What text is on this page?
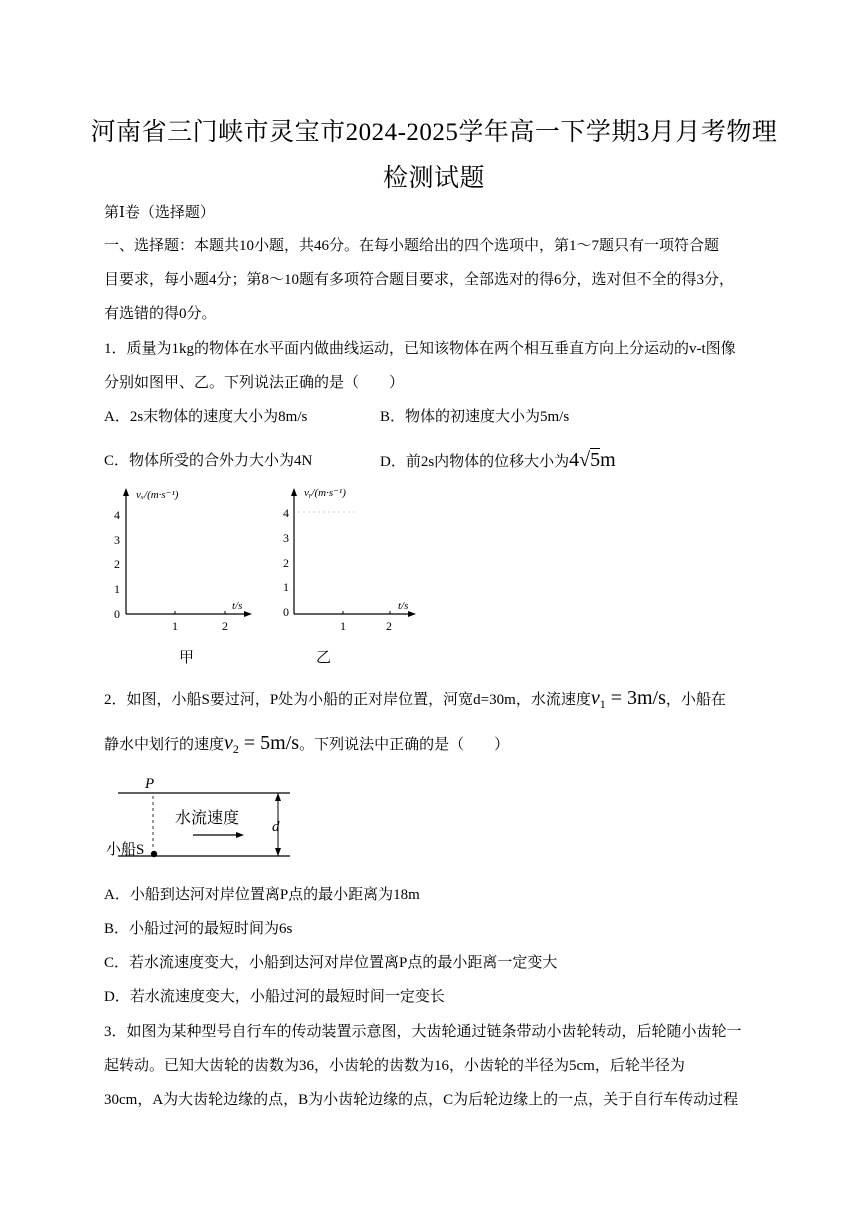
河南省三门峡市灵宝市2024-2025学年高一下学期3月月考物理
检测试题
第Ⅰ卷（选择题）
一、选择题：本题共10小题，共46分。在每小题给出的四个选项中，第1～7题只有一项符合题
目要求，每小题4分；第8～10题有多项符合题目要求，全部选对的得6分，选对但不全的得3分，
有选错的得0分。
1．质量为1kg的物体在水平面内做曲线运动，已知该物体在两个相互垂直方向上分运动的v-t图像
分别如图甲、乙。下列说法正确的是（　　）
A．2s末物体的速度大小为8m/s	B．物体的初速度大小为5m/s
C．物体所受的合外力大小为4N	D．前2s内物体的位移大小为4√5m
vₓ/(m·s⁻¹)
t/s
4
3
2
1
0
1	2
甲
vᵧ/(m·s⁻¹)
t/s
4
3
2
1
0
1	2
乙
2．如图，小船S要过河，P处为小船的正对岸位置，河宽d=30m，水流速度$v_1 = 3m/s$，小船在
静水中划行的速度$v_2 = 5m/s$。下列说法中正确的是（　　）
P
水流速度 d
小船S
A．小船到达河对岸位置离P点的最小距离为18m
B．小船过河的最短时间为6s
C．若水流速度变大，小船到达河对岸位置离P点的最小距离一定变大
D．若水流速度变大，小船过河的最短时间一定变长
3．如图为某种型号自行车的传动装置示意图，大齿轮通过链条带动小齿轮转动，后轮随小齿轮一
起转动。已知大齿轮的齿数为36，小齿轮的齿数为16，小齿轮的半径为5cm，后轮半径为
30cm，A为大齿轮边缘的点，B为小齿轮边缘的点，C为后轮边缘上的一点，关于自行车传动过程
